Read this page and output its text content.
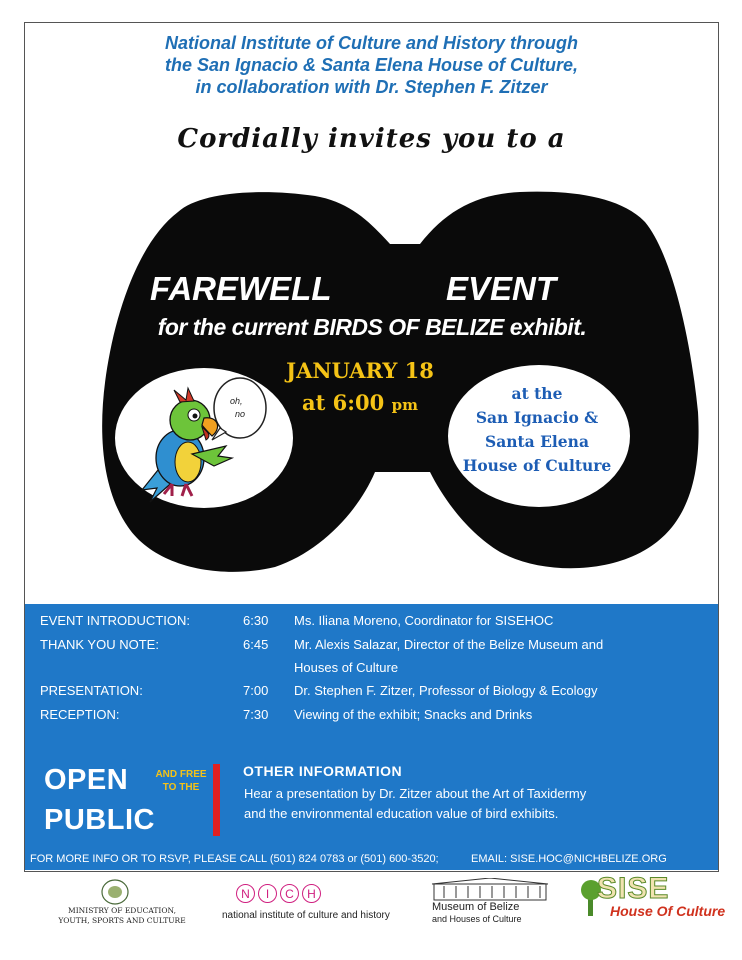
National Institute of Culture and History through
the San Ignacio & Santa Elena House of Culture,
in collaboration with Dr. Stephen F. Zitzer
Cordially invites you to a
FAREWELL	EVENT
for the current BIRDS OF BELIZE exhibit.
JANUARY 18
at 6:00 pm
oh,
no
at the
San Ignacio &
Santa Elena
House of Culture
EVENT INTRODUCTION:	6:30 Ms. Iliana Moreno, Coordinator for SISEHOC
THANK YOU NOTE:	6:45 Mr. Alexis Salazar, Director of the Belize Museum and
Houses of Culture
PRESENTATION:	7:00 Dr. Stephen F. Zitzer, Professor of Biology & Ecology
RECEPTION:	7:30 Viewing of the exhibit; Snacks and Drinks
OPEN	AND FREE
TO THE
PUBLIC
OTHER INFORMATION
Hear a presentation by Dr. Zitzer about the Art of Taxidermy
and the environmental education value of bird exhibits.
FOR MORE INFO OR TO RSVP, PLEASE CALL (501) 824 0783 or (501) 600-3520;	EMAIL: SISE.HOC@NICHBELIZE.ORG
MINISTRY OF EDUCATION,
YOUTH, SPORTS AND CULTURE
N	I	C	H
national institute of culture and history
Museum of Belize
and Houses of Culture
SISE
House Of Culture
